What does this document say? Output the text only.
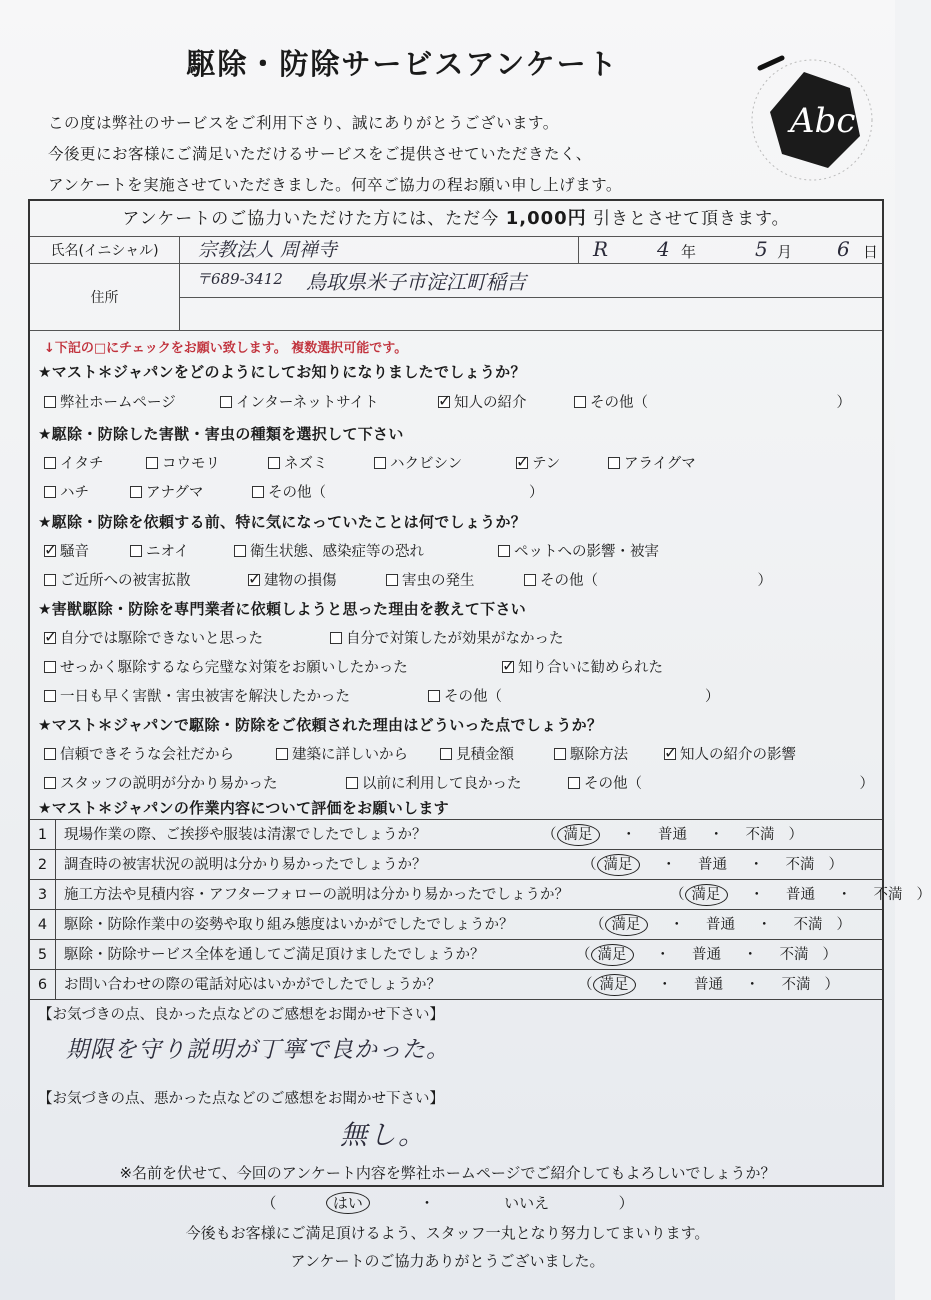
駆除・防除サービスアンケート
この度は弊社のサービスをご利用下さり、誠にありがとうございます。
今後更にお客様にご満足いただけるサービスをご提供させていただきたく、
アンケートを実施させていただきました。何卒ご協力の程お願い申し上げます。
Abc
アンケートのご協力いただけた方には、ただ今 1,000円 引きとさせて頂きます。
氏名(イニシャル)	宗教法人 周禅寺	R 4 年	5 月 6 日
住所
〒689-3412 鳥取県米子市淀江町稲吉
↓下記の□にチェックをお願い致します。 複数選択可能です。
★マスト＊ジャパンをどのようにしてお知りになりましたでしょうか？
弊社ホームページ	インターネットサイト ✓	知人の紹介	その他（　　　　　　　　　　　　　）
★駆除・防除した害獣・害虫の種類を選択して下さい
イタチ	コウモリ	ネズミ	ハクビシン ✓	テン	アライグマ
ハチ	アナグマ	その他（　　　　　　　　　　　　　　）
★駆除・防除を依頼する前、特に気になっていたことは何でしょうか？
✓騒音	ニオイ	衛生状態、感染症等の恐れ	ペットへの影響・被害
ご近所への被害拡散 ✓	建物の損傷	害虫の発生	その他（　　　　　　　　　　　）
★害獣駆除・防除を専門業者に依頼しようと思った理由を教えて下さい
✓自分では駆除できないと思った	自分で対策したが効果がなかった
せっかく駆除するなら完璧な対策をお願いしたかった ✓	知り合いに勧められた
一日も早く害獣・害虫被害を解決したかった	その他（　　　　　　　　　　　　　　）
★マスト＊ジャパンで駆除・防除をご依頼された理由はどういった点でしょうか？
信頼できそうな会社だから	建築に詳しいから	見積金額	駆除方法 ✓	知人の紹介の影響
スタッフの説明が分かり易かった	以前に利用して良かった	その他（　　　　　　　　　　　　　　　）
★マスト＊ジャパンの作業内容について評価をお願いします
1	現場作業の際、ご挨拶や服装は清潔でしたでしょうか？	（ 満足 ・ 普通 ・ 不満 ）
2	調査時の被害状況の説明は分かり易かったでしょうか？	（ 満足 ・ 普通 ・ 不満 ）
3	施工方法や見積内容・アフターフォローの説明は分かり易かったでしょうか？	（ 満足 ・ 普通 ・ 不満 ）
4	駆除・防除作業中の姿勢や取り組み態度はいかがでしたでしょうか？	（ 満足 ・ 普通 ・ 不満 ）
5	駆除・防除サービス全体を通してご満足頂けましたでしょうか？	（ 満足 ・ 普通 ・ 不満 ）
6	お問い合わせの際の電話対応はいかがでしたでしょうか？	（ 満足 ・ 普通 ・ 不満 ）
【お気づきの点、良かった点などのご感想をお聞かせ下さい】
期限を守り説明が丁寧で良かった。
【お気づきの点、悪かった点などのご感想をお聞かせ下さい】
無し。
※名前を伏せて、今回のアンケート内容を弊社ホームページでご紹介してもよろしいでしょうか？
（	はい	・	いいえ	）
今後もお客様にご満足頂けるよう、スタッフ一丸となり努力してまいります。
アンケートのご協力ありがとうございました。
